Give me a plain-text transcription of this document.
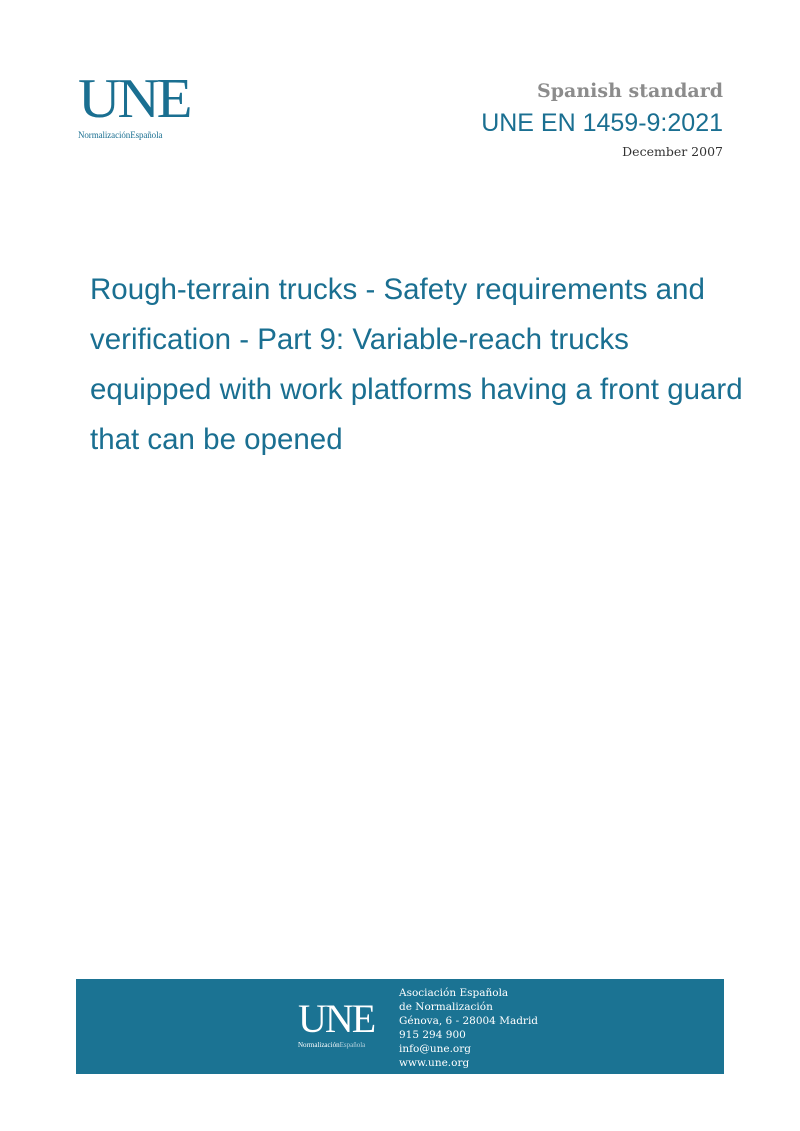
UNE
NormalizaciónEspañola
Spanish standard
UNE EN 1459-9:2021
December 2007
Rough-terrain trucks - Safety requirements and verification - Part 9: Variable-reach trucks equipped with work platforms having a front guard that can be opened
UNE
NormalizaciónEspañola
Asociación Española
de Normalización
Génova, 6 - 28004 Madrid
915 294 900
info@une.org
www.une.org
